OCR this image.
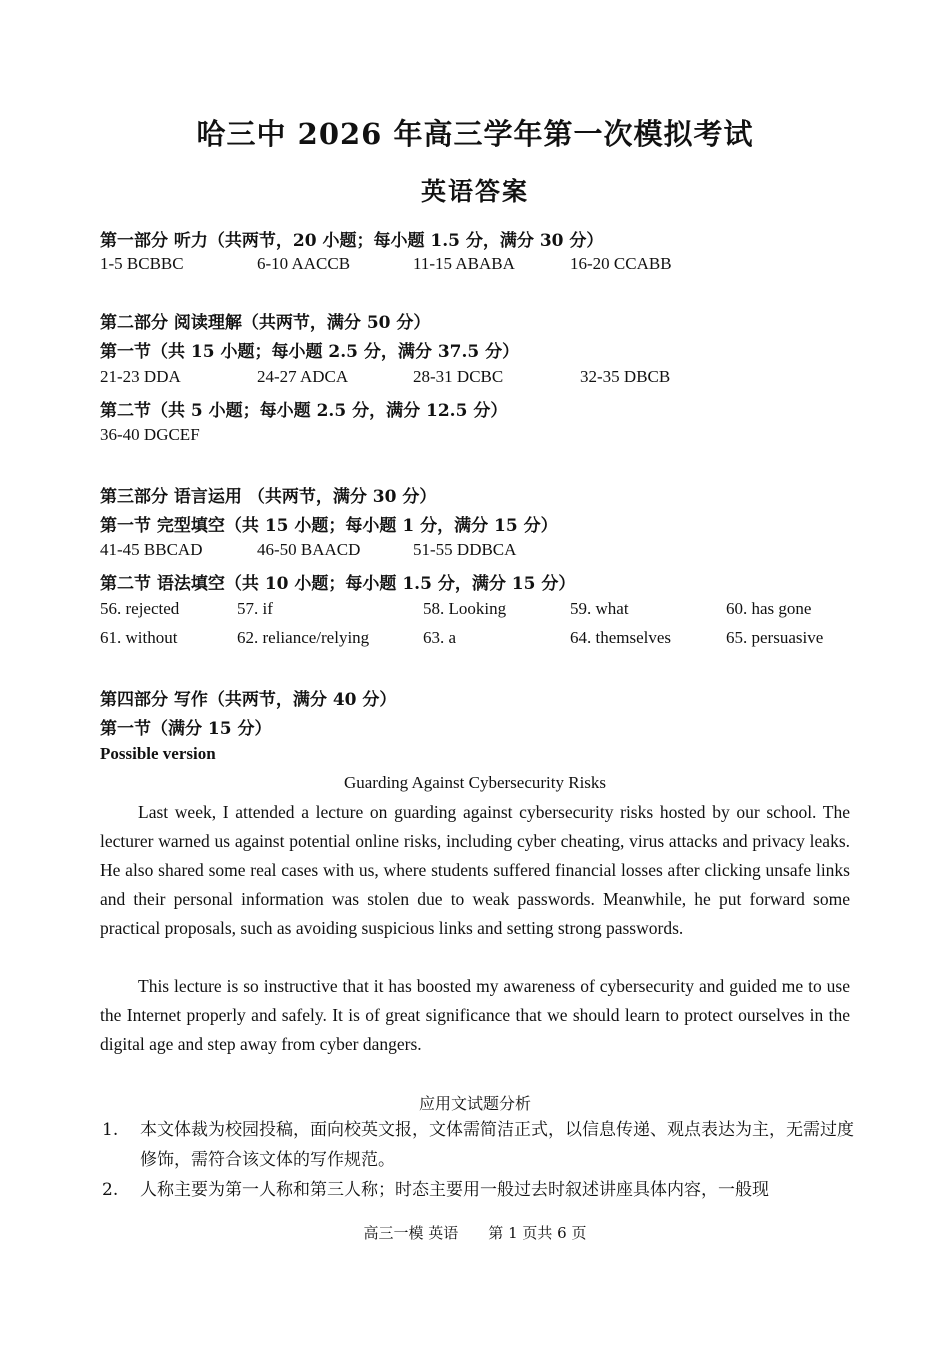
哈三中 2026 年高三学年第一次模拟考试
英语答案
第一部分 听力（共两节，20 小题；每小题 1.5 分，满分 30 分）
1-5 BCBBC	6-10 AACCB	11-15 ABABA	16-20 CCABB
第二部分 阅读理解（共两节，满分 50 分）
第一节（共 15 小题；每小题 2.5 分，满分 37.5 分）
21-23 DDA	24-27 ADCA	28-31 DCBC	32-35 DBCB
第二节（共 5 小题；每小题 2.5 分，满分 12.5 分）
36-40 DGCEF
第三部分 语言运用 （共两节，满分 30 分）
第一节 完型填空（共 15 小题；每小题 1 分，满分 15 分）
41-45 BBCAD	46-50 BAACD	51-55 DDBCA
第二节 语法填空（共 10 小题；每小题 1.5 分，满分 15 分）
56. rejected	57. if	58. Looking	59. what	60. has gone
61. without	62. reliance/relying	63. a	64. themselves	65. persuasive
第四部分 写作（共两节，满分 40 分）
第一节（满分 15 分）
Possible version
Guarding Against Cybersecurity Risks
Last week, I attended a lecture on guarding against cybersecurity risks hosted by our school. The lecturer warned us against potential online risks, including cyber cheating, virus attacks and privacy leaks. He also shared some real cases with us, where students suffered financial losses after clicking unsafe links and their personal information was stolen due to weak passwords. Meanwhile, he put forward some practical proposals, such as avoiding suspicious links and setting strong passwords.
This lecture is so instructive that it has boosted my awareness of cybersecurity and guided me to use the Internet properly and safely. It is of great significance that we should learn to protect ourselves in the digital age and step away from cyber dangers.
应用文试题分析
1. 本文体裁为校园投稿，面向校英文报，文体需简洁正式，以信息传递、观点表达为主，无需过度修饰，需符合该文体的写作规范。
2. 人称主要为第一人称和第三人称；时态主要用一般过去时叙述讲座具体内容，一般现
高三一模 英语　　第 1 页共 6 页
